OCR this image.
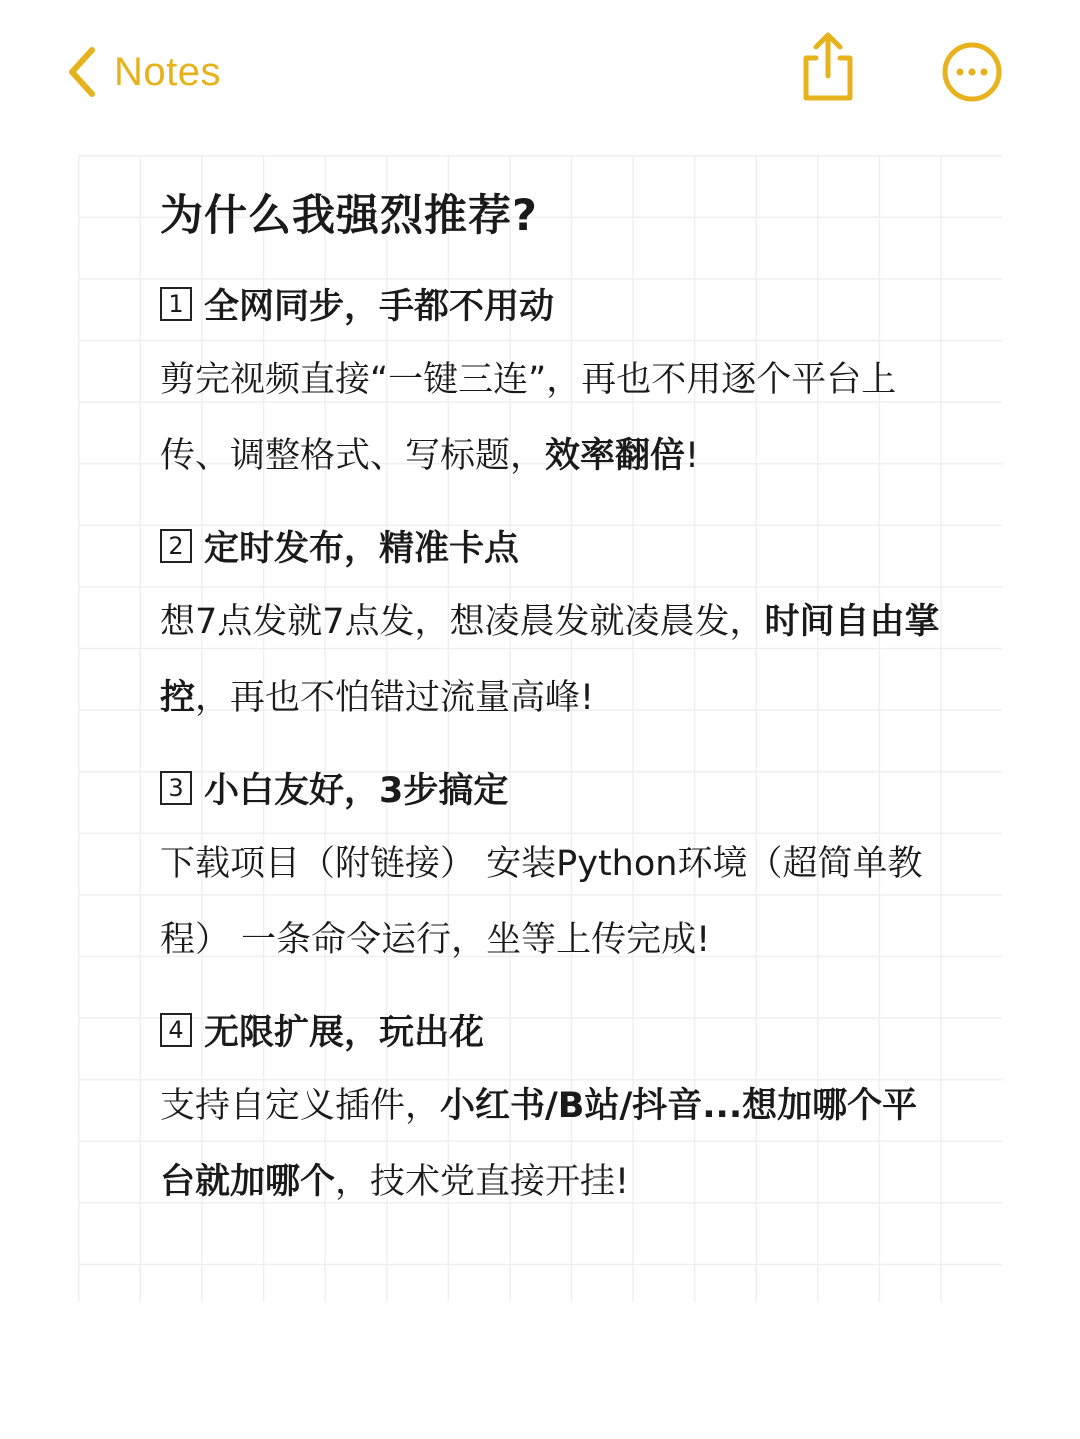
Notes
为什么我强烈推荐?
1 全网同步，手都不用动

剪完视频直接“一键三连”，再也不用逐个平台上传、调整格式、写标题，效率翻倍!

2 定时发布，精准卡点

想7点发就7点发，想凌晨发就凌晨发，时间自由掌控，再也不怕错过流量高峰!

3 小白友好，3步搞定

下载项目（附链接） 安装Python环境（超简单教程） 一条命令运行，坐等上传完成!

4 无限扩展，玩出花

支持自定义插件，小红书/B站/抖音...想加哪个平台就加哪个，技术党直接开挂!
